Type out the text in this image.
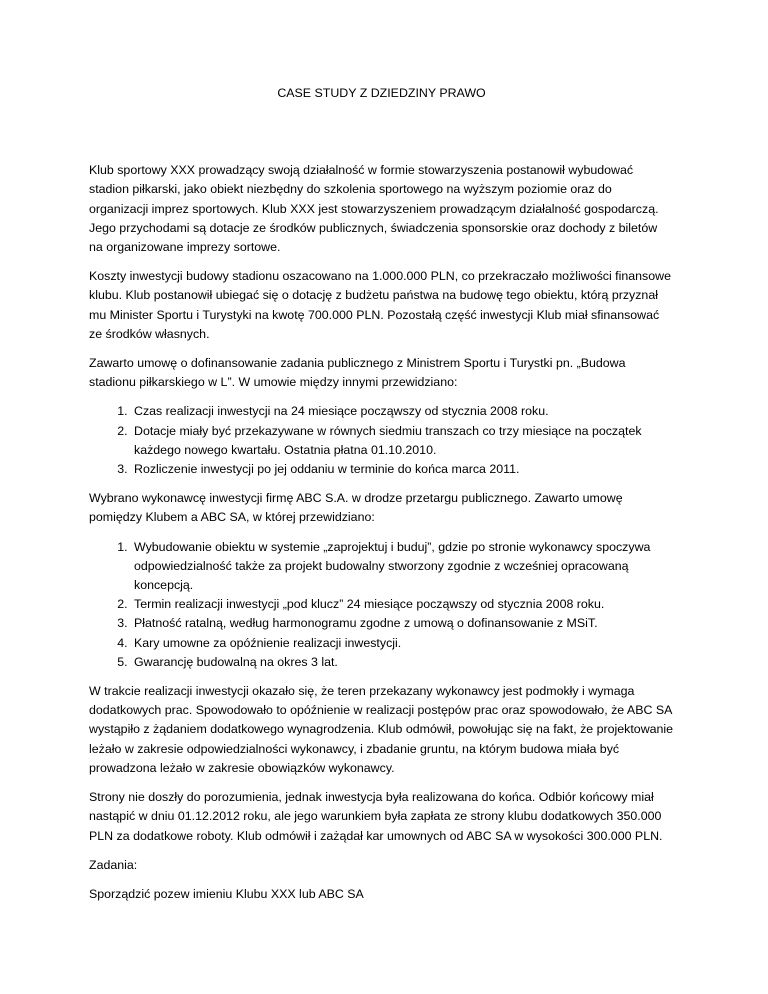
CASE STUDY Z DZIEDZINY PRAWO

Klub sportowy XXX prowadzący swoją działalność w formie stowarzyszenia postanowił wybudować stadion piłkarski, jako obiekt niezbędny do szkolenia sportowego na wyższym poziomie oraz do organizacji imprez sportowych. Klub XXX jest stowarzyszeniem prowadzącym działalność gospodarczą. Jego przychodami są dotacje ze środków publicznych, świadczenia sponsorskie oraz dochody z biletów na organizowane imprezy sortowe.

Koszty inwestycji budowy stadionu oszacowano na 1.000.000 PLN, co przekraczało możliwości finansowe klubu. Klub postanowił ubiegać się o dotację z budżetu państwa na budowę tego obiektu, którą przyznał mu Minister Sportu i Turystyki na kwotę 700.000 PLN. Pozostałą część inwestycji Klub miał sfinansować ze środków własnych.

Zawarto umowę o dofinansowanie zadania publicznego z Ministrem Sportu i Turystki pn. „Budowa stadionu piłkarskiego w L”. W umowie między innymi przewidziano:

1. Czas realizacji inwestycji na 24 miesiące począwszy od stycznia 2008 roku.
2. Dotacje miały być przekazywane w równych siedmiu transzach co trzy miesiące na początek każdego nowego kwartału. Ostatnia płatna 01.10.2010.
3. Rozliczenie inwestycji po jej oddaniu w terminie do końca marca 2011.

Wybrano wykonawcę inwestycji firmę ABC S.A. w drodze przetargu publicznego. Zawarto umowę pomiędzy Klubem a ABC SA, w której przewidziano:

1. Wybudowanie obiektu w systemie „zaprojektuj i buduj”, gdzie po stronie wykonawcy spoczywa odpowiedzialność także za projekt budowalny stworzony zgodnie z wcześniej opracowaną koncepcją.
2. Termin realizacji inwestycji „pod klucz” 24 miesiące począwszy od stycznia 2008 roku.
3. Płatność ratalną, według harmonogramu zgodne z umową o dofinansowanie z MSiT.
4. Kary umowne za opóźnienie realizacji inwestycji.
5. Gwarancję budowalną na okres 3 lat.

W trakcie realizacji inwestycji okazało się, że teren przekazany wykonawcy jest podmokły i wymaga dodatkowych prac. Spowodowało to opóźnienie w realizacji postępów prac oraz spowodowało, że ABC SA wystąpiło z żądaniem dodatkowego wynagrodzenia. Klub odmówił, powołując się na fakt, że projektowanie leżało w zakresie odpowiedzialności wykonawcy, i zbadanie gruntu, na którym budowa miała być prowadzona leżało w zakresie obowiązków wykonawcy.

Strony nie doszły do porozumienia, jednak inwestycja była realizowana do końca. Odbiór końcowy miał nastąpić w dniu 01.12.2012 roku, ale jego warunkiem była zapłata ze strony klubu dodatkowych 350.000 PLN za dodatkowe roboty. Klub odmówił i zażądał kar umownych od ABC SA w wysokości 300.000 PLN.

Zadania:

Sporządzić pozew imieniu Klubu XXX lub ABC SA
